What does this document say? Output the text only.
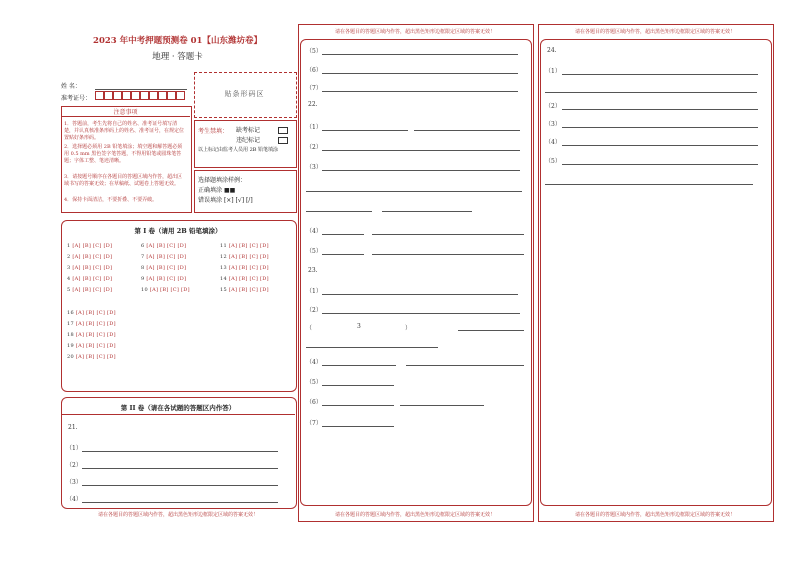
2023 年中考押题预测卷 01【山东潍坊卷】
地理 · 答题卡
姓 名：
准考证号：
贴条形码区
注意事项
1．答题前，考生先将自己的姓名、准考证号填写清楚，并认真核准条形码上的姓名、准考证号，在规定位置贴好条形码。
2．选择题必须用 2B 铅笔填涂；填空题和解答题必须用 0.5 mm 黑色签字笔答题，不得用铅笔或圆珠笔答题；字体工整、笔迹清晰。
3．请按题号顺序在各题目的答题区域内作答，超出区域书写的答案无效；在草稿纸、试题卷上答题无效。
4．保持卡面清洁，不要折叠、不要弄破。
考生禁填： 缺考标记
违纪标记
以上标记由监考人员用 2B 铅笔填涂
选择题填涂样例：
正确填涂 ■■
错误填涂 [×] [√] [/]
第 I 卷（请用 2B 铅笔填涂）
1 [A] [B] [C] [D]
2 [A] [B] [C] [D]
3 [A] [B] [C] [D]
4 [A] [B] [C] [D]
5 [A] [B] [C] [D]
6 [A] [B] [C] [D]
7 [A] [B] [C] [D]
8 [A] [B] [C] [D]
9 [A] [B] [C] [D]
10 [A] [B] [C] [D]
11 [A] [B] [C] [D]
12 [A] [B] [C] [D]
13 [A] [B] [C] [D]
14 [A] [B] [C] [D]
15 [A] [B] [C] [D]
16 [A] [B] [C] [D]
17 [A] [B] [C] [D]
18 [A] [B] [C] [D]
19 [A] [B] [C] [D]
20 [A] [B] [C] [D]
第 II 卷（请在各试题的答题区内作答）
21.
（1）
（2）
（3）
（4）
请在各题目的答题区域内作答，超出黑色矩形边框限定区域的答案无效！
请在各题目的答题区域内作答，超出黑色矩形边框限定区域的答案无效！
（5）
（6）
（7）
22.
（1）
（2）
（3）
（4）
（5）
23.
（1）
（2）
（	3	）
（4）
（5）
（6）
（7）
请在各题目的答题区域内作答，超出黑色矩形边框限定区域的答案无效！
请在各题目的答题区域内作答，超出黑色矩形边框限定区域的答案无效！
24.
（1）
（2）
（3）
（4）
（5）
请在各题目的答题区域内作答，超出黑色矩形边框限定区域的答案无效！
